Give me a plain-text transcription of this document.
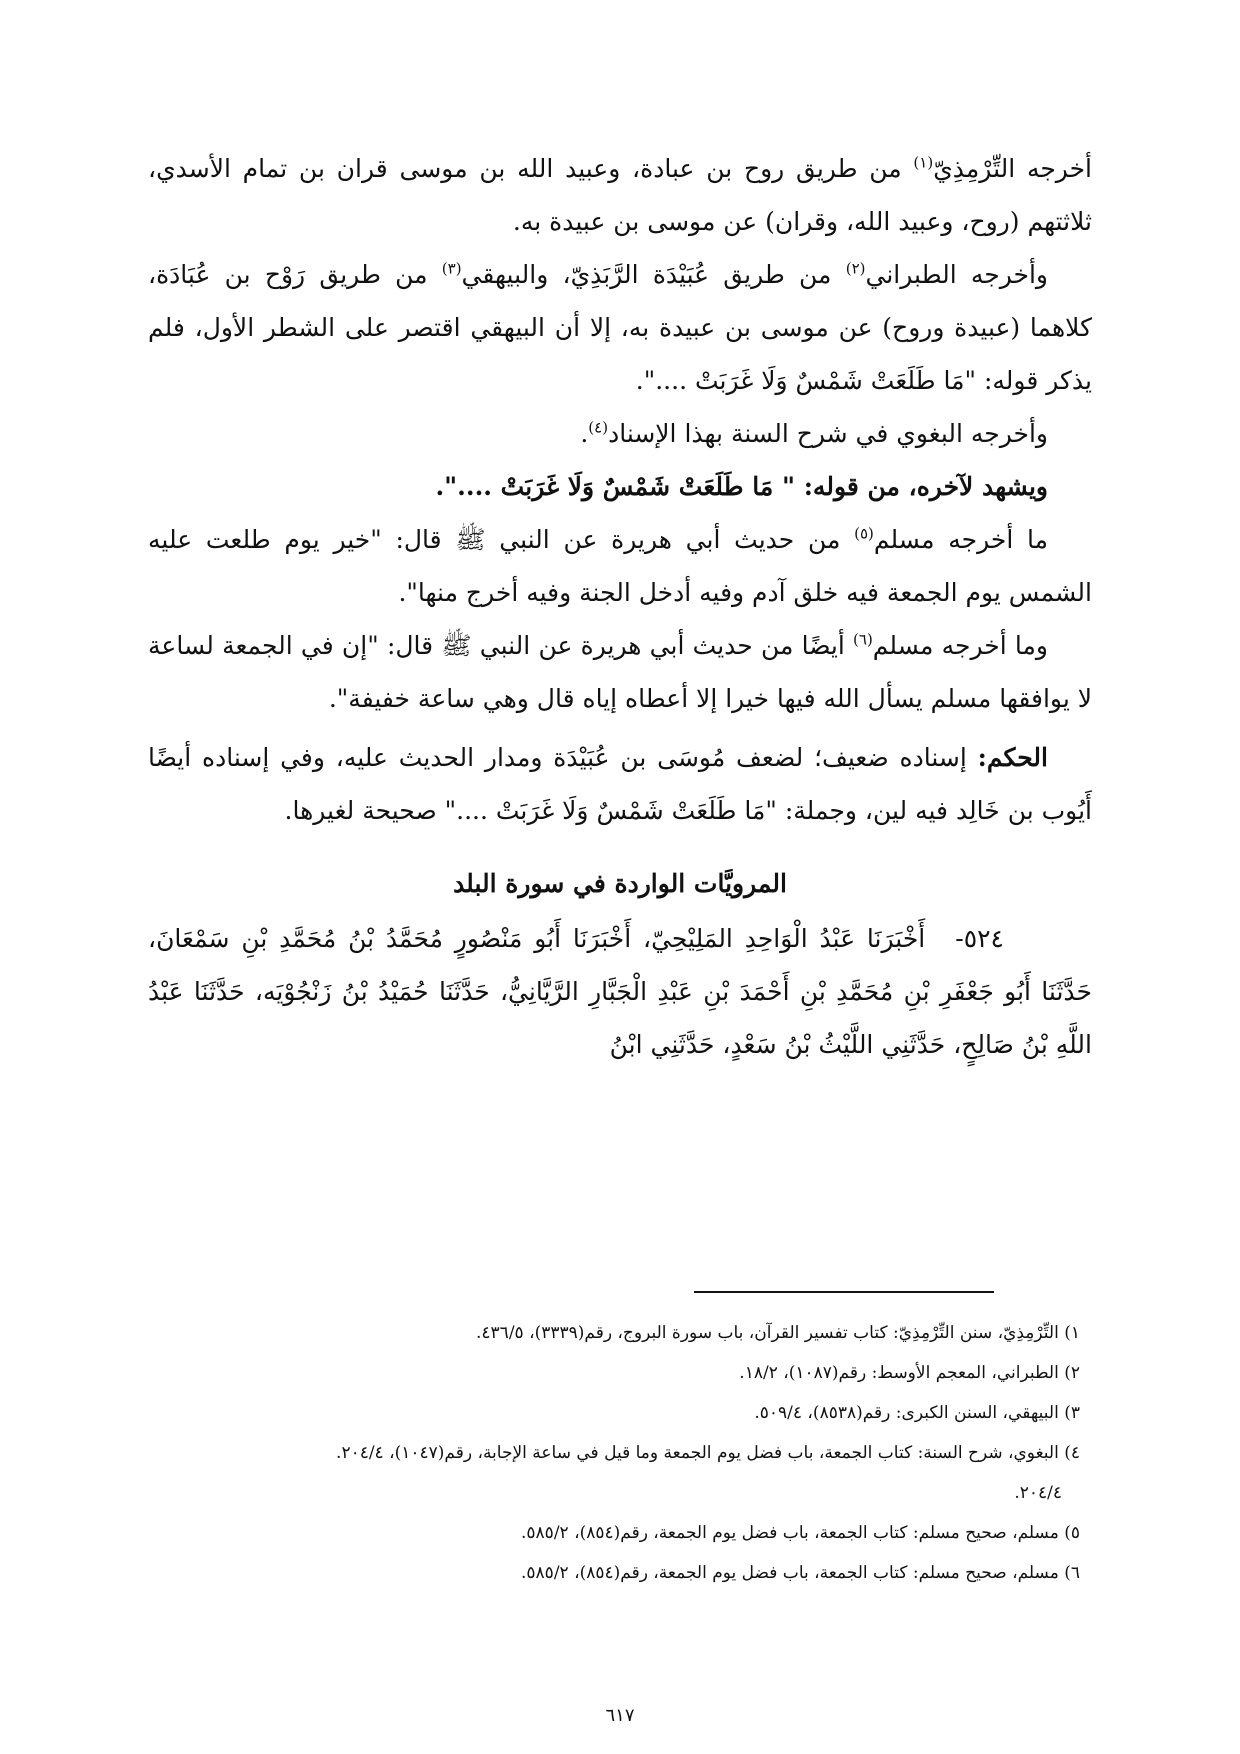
أخرجه التِّرْمِذِيّ$^{(١)}$ من طريق روح بن عبادة، وعبيد الله بن موسى قران بن تمام الأسدي، ثلاثتهم (روح، وعبيد الله، وقران) عن موسى بن عبيدة به.

وأخرجه الطبراني$^{(٢)}$ من طريق عُبَيْدَة الرَّبَذِيّ، والبيهقي$^{(٣)}$ من طريق رَوْح بن عُبَادَة، كلاهما (عبيدة وروح) عن موسى بن عبيدة به، إلا أن البيهقي اقتصر على الشطر الأول، فلم يذكر قوله: "مَا طَلَعَتْ شَمْسٌ وَلَا غَرَبَتْ ....".

وأخرجه البغوي في شرح السنة بهذا الإسناد$^{(٤)}$.

ويشهد لآخره، من قوله: " مَا طَلَعَتْ شَمْسٌ وَلَا غَرَبَتْ ....".

ما أخرجه مسلم$^{(٥)}$ من حديث أبي هريرة عن النبي ﷺ قال: "خير يوم طلعت عليه الشمس يوم الجمعة فيه خلق آدم وفيه أدخل الجنة وفيه أخرج منها".

وما أخرجه مسلم$^{(٦)}$ أيضًا من حديث أبي هريرة عن النبي ﷺ قال: "إن في الجمعة لساعة لا يوافقها مسلم يسأل الله فيها خيرا إلا أعطاه إياه قال وهي ساعة خفيفة".

الحكم: إسناده ضعيف؛ لضعف مُوسَى بن عُبَيْدَة ومدار الحديث عليه، وفي إسناده أيضًا أَيُوب بن خَالِد فيه لين، وجملة: "مَا طَلَعَتْ شَمْسٌ وَلَا غَرَبَتْ ...." صحيحة لغيرها.

المرويَّات الواردة في سورة البلد

٥٢٤-أَخْبَرَنَا عَبْدُ الْوَاحِدِ المَلِيْحِيّ، أَخْبَرَنَا أَبُو مَنْصُورٍ مُحَمَّدُ بْنُ مُحَمَّدِ بْنِ سَمْعَانَ، حَدَّثَنَا أَبُو جَعْفَرِ بْنِ مُحَمَّدِ بْنِ أَحْمَدَ بْنِ عَبْدِ الْجَبَّارِ الرَّيَّانِيُّ، حَدَّثَنَا حُمَيْدُ بْنُ زَنْجُوْيَه، حَدَّثَنَا عَبْدُ اللَّهِ بْنُ صَالِحٍ، حَدَّثَنِي اللَّيْثُ بْنُ سَعْدٍ، حَدَّثَنِي ابْنُ

١) التِّرْمِذِيّ، سنن التِّرْمِذِيّ: كتاب تفسير القرآن، باب سورة البروج، رقم(٣٣٣٩)، ٤٣٦/٥.

٢) الطبراني، المعجم الأوسط: رقم(١٠٨٧)، ١٨/٢.

٣) البيهقي، السنن الكبرى: رقم(٨٥٣٨)، ٥٠٩/٤.

٤) البغوي، شرح السنة: كتاب الجمعة، باب فضل يوم الجمعة وما قيل في ساعة الإجابة، رقم(١٠٤٧)، ٢٠٤/٤.

٢٠٤/٤.

٥) مسلم، صحيح مسلم: كتاب الجمعة، باب فضل يوم الجمعة، رقم(٨٥٤)، ٥٨٥/٢.

٦) مسلم، صحيح مسلم: كتاب الجمعة، باب فضل يوم الجمعة، رقم(٨٥٤)، ٥٨٥/٢.

٦١٧
